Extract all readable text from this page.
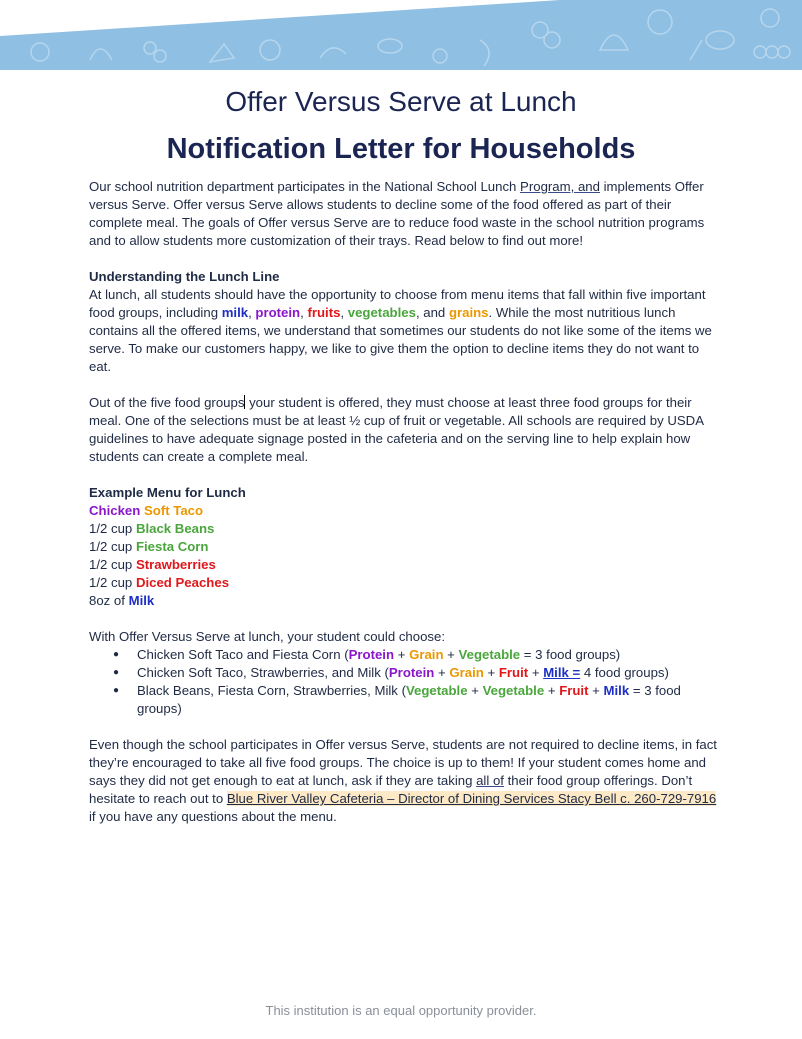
Offer Versus Serve at Lunch
Notification Letter for Households

Our school nutrition department participates in the National School Lunch Program, and implements Offer versus Serve. Offer versus Serve allows students to decline some of the food offered as part of their complete meal. The goals of Offer versus Serve are to reduce food waste in the school nutrition programs and to allow students more customization of their trays. Read below to find out more!

Understanding the Lunch Line

At lunch, all students should have the opportunity to choose from menu items that fall within five important food groups, including milk, protein, fruits, vegetables, and grains. While the most nutritious lunch contains all the offered items, we understand that sometimes our students do not like some of the items we serve. To make our customers happy, we like to give them the option to decline items they do not want to eat.

Out of the five food groups your student is offered, they must choose at least three food groups for their meal. One of the selections must be at least ½ cup of fruit or vegetable. All schools are required by USDA guidelines to have adequate signage posted in the cafeteria and on the serving line to help explain how students can create a complete meal.

Example Menu for Lunch

Chicken Soft Taco

1/2 cup Black Beans

1/2 cup Fiesta Corn

1/2 cup Strawberries

1/2 cup Diced Peaches

8oz of Milk

With Offer Versus Serve at lunch, your student could choose:

● Chicken Soft Taco and Fiesta Corn (Protein + Grain + Vegetable = 3 food groups)
● Chicken Soft Taco, Strawberries, and Milk (Protein + Grain + Fruit + Milk = 4 food groups)
● Black Beans, Fiesta Corn, Strawberries, Milk (Vegetable + Vegetable + Fruit + Milk = 3 food groups)

Even though the school participates in Offer versus Serve, students are not required to decline items, in fact they’re encouraged to take all five food groups. The choice is up to them! If your student comes home and says they did not get enough to eat at lunch, ask if they are taking all of their food group offerings. Don’t hesitate to reach out to Blue River Valley Cafeteria – Director of Dining Services Stacy Bell c. 260-729-7916 if you have any questions about the menu.

This institution is an equal opportunity provider.
